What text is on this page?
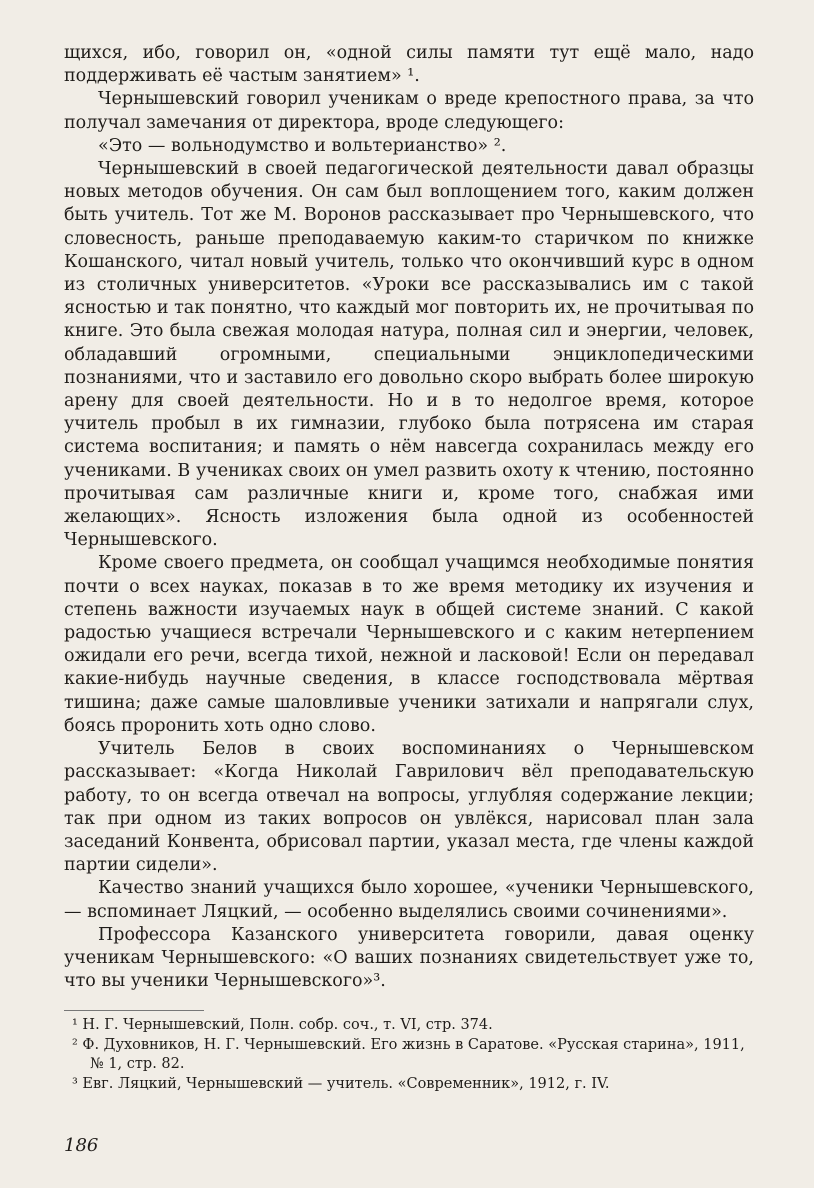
щихся, ибо, говорил он, «одной силы памяти тут ещё мало, надо поддерживать её частым занятием» ¹.

Чернышевский говорил ученикам о вреде крепостного права, за что получал замечания от директора, вроде следующего:

«Это — вольнодумство и вольтерианство» ².

Чернышевский в своей педагогической деятельности давал образцы новых методов обучения. Он сам был воплощением того, каким должен быть учитель. Тот же М. Воронов рассказывает про Чернышевского, что словесность, раньше преподаваемую каким-то старичком по книжке Кошанского, читал новый учитель, только что окончивший курс в одном из столичных университетов. «Уроки все рассказывались им с такой ясностью и так понятно, что каждый мог повторить их, не прочитывая по книге. Это была свежая молодая натура, полная сил и энергии, человек, обладавший огромными, специальными энциклопедическими познаниями, что и заставило его довольно скоро выбрать более широкую арену для своей деятельности. Но и в то недолгое время, которое учитель пробыл в их гимназии, глубоко была потрясена им старая система воспитания; и память о нём навсегда сохранилась между его учениками. В учениках своих он умел развить охоту к чтению, постоянно прочитывая сам различные книги и, кроме того, снабжая ими желающих». Ясность изложения была одной из особенностей Чернышевского.

Кроме своего предмета, он сообщал учащимся необходимые понятия почти о всех науках, показав в то же время методику их изучения и степень важности изучаемых наук в общей системе знаний. С какой радостью учащиеся встречали Чернышевского и с каким нетерпением ожидали его речи, всегда тихой, нежной и ласковой! Если он передавал какие-нибудь научные сведения, в классе господствовала мёртвая тишина; даже самые шаловливые ученики затихали и напрягали слух, боясь проронить хоть одно слово.

Учитель Белов в своих воспоминаниях о Чернышевском рассказывает: «Когда Николай Гаврилович вёл преподавательскую работу, то он всегда отвечал на вопросы, углубляя содержание лекции; так при одном из таких вопросов он увлёкся, нарисовал план зала заседаний Конвента, обрисовал партии, указал места, где члены каждой партии сидели».

Качество знаний учащихся было хорошее, «ученики Чернышевского, — вспоминает Ляцкий, — особенно выделялись своими сочинениями».

Профессора Казанского университета говорили, давая оценку ученикам Чернышевского: «О ваших познаниях свидетельствует уже то, что вы ученики Чернышевского»³.

¹ Н. Г. Чернышевский, Полн. собр. соч., т. VI, стр. 374.

² Ф. Духовников, Н. Г. Чернышевский. Его жизнь в Саратове. «Русская старина», 1911, № 1, стр. 82.

³ Евг. Ляцкий, Чернышевский — учитель. «Современник», 1912, г. IV.

186
